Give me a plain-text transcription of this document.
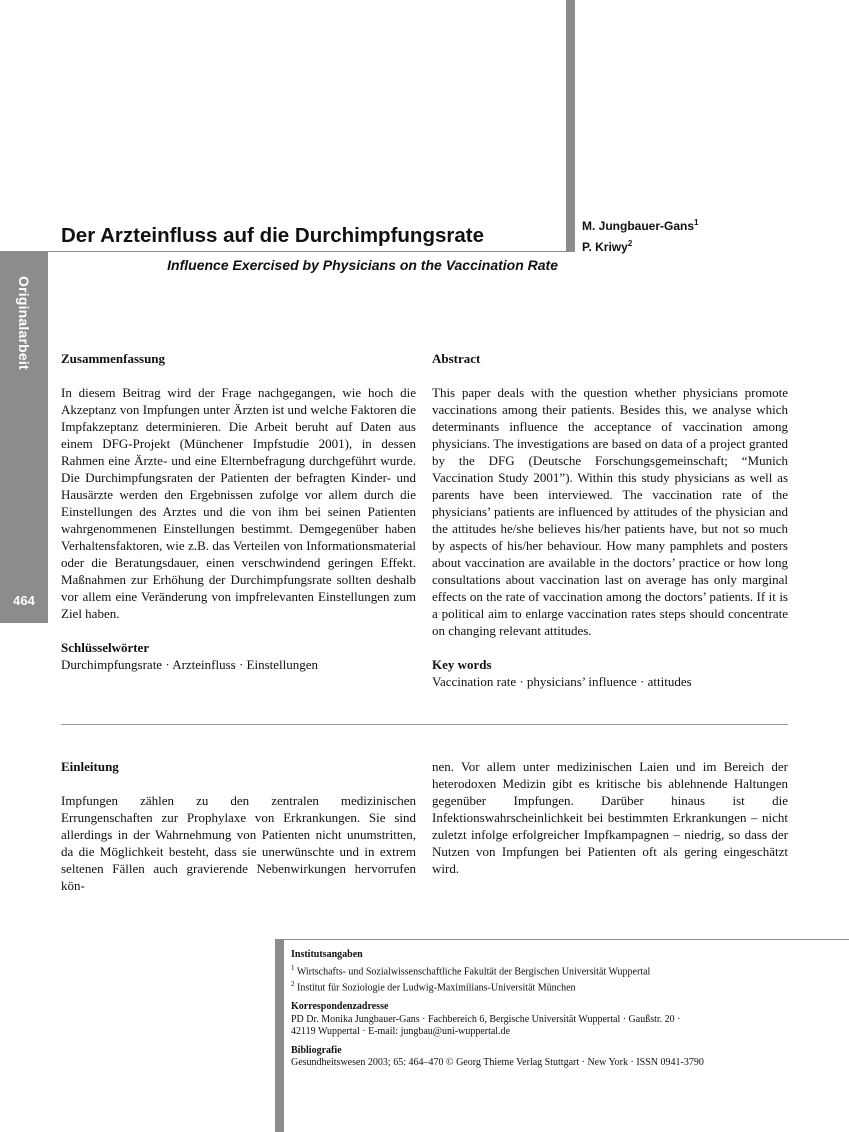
Originalarbeit
464
Der Arzteinfluss auf die Durchimpfungsrate	M. Jungbauer-Gans$^1$
P. Kriwy$^2$
Influence Exercised by Physicians on the Vaccination Rate

Zusammenfassung

In diesem Beitrag wird der Frage nachgegangen, wie hoch die Akzeptanz von Impfungen unter Ärzten ist und welche Faktoren die Impfakzeptanz determinieren. Die Arbeit beruht auf Daten aus einem DFG-Projekt (Münchener Impfstudie 2001), in dessen Rahmen eine Ärzte- und eine Elternbefragung durchgeführt wurde. Die Durchimpfungsraten der Patienten der befragten Kinder- und Hausärzte werden den Ergebnissen zufolge vor allem durch die Einstellungen des Arztes und die von ihm bei seinen Patienten wahrgenommenen Einstellungen bestimmt. Demgegenüber haben Verhaltensfaktoren, wie z.B. das Verteilen von Informationsmaterial oder die Beratungsdauer, einen verschwindend geringen Effekt. Maßnahmen zur Erhöhung der Durchimpfungsrate sollten deshalb vor allem eine Veränderung von impfrelevanten Einstellungen zum Ziel haben.

Schlüsselwörter

Durchimpfungsrate · Arzteinfluss · Einstellungen

Abstract

This paper deals with the question whether physicians promote vaccinations among their patients. Besides this, we analyse which determinants influence the acceptance of vaccination among physicians. The investigations are based on data of a project granted by the DFG (Deutsche Forschungsgemeinschaft; “Munich Vaccination Study 2001”). Within this study physicians as well as parents have been interviewed. The vaccination rate of the physicians’ patients are influenced by attitudes of the physician and the attitudes he/she believes his/her patients have, but not so much by aspects of his/her behaviour. How many pamphlets and posters about vaccination are available in the doctors’ practice or how long consultations about vaccination last on average has only marginal effects on the rate of vaccination among the doctors’ patients. If it is a political aim to enlarge vaccination rates steps should concentrate on changing relevant attitudes.

Key words

Vaccination rate · physicians’ influence · attitudes

Einleitung

Impfungen zählen zu den zentralen medizinischen Errungenschaften zur Prophylaxe von Erkrankungen. Sie sind allerdings in der Wahrnehmung von Patienten nicht unumstritten, da die Möglichkeit besteht, dass sie unerwünschte und in extrem seltenen Fällen auch gravierende Nebenwirkungen hervorrufen kön-

nen. Vor allem unter medizinischen Laien und im Bereich der heterodoxen Medizin gibt es kritische bis ablehnende Haltungen gegenüber Impfungen. Darüber hinaus ist die Infektionswahrscheinlichkeit bei bestimmten Erkrankungen – nicht zuletzt infolge erfolgreicher Impfkampagnen – niedrig, so dass der Nutzen von Impfungen bei Patienten oft als gering eingeschätzt wird.

Institutsangaben
$^1$ Wirtschafts- und Sozialwissenschaftliche Fakultät der Bergischen Universität Wuppertal
$^2$ Institut für Soziologie der Ludwig-Maximilians-Universität München
Korrespondenzadresse
PD Dr. Monika Jungbauer-Gans · Fachbereich 6, Bergische Universität Wuppertal · Gaußstr. 20 ·
42119 Wuppertal · E-mail: jungbau@uni-wuppertal.de
Bibliografie
Gesundheitswesen 2003; 65: 464–470 © Georg Thieme Verlag Stuttgart · New York · ISSN 0941-3790
